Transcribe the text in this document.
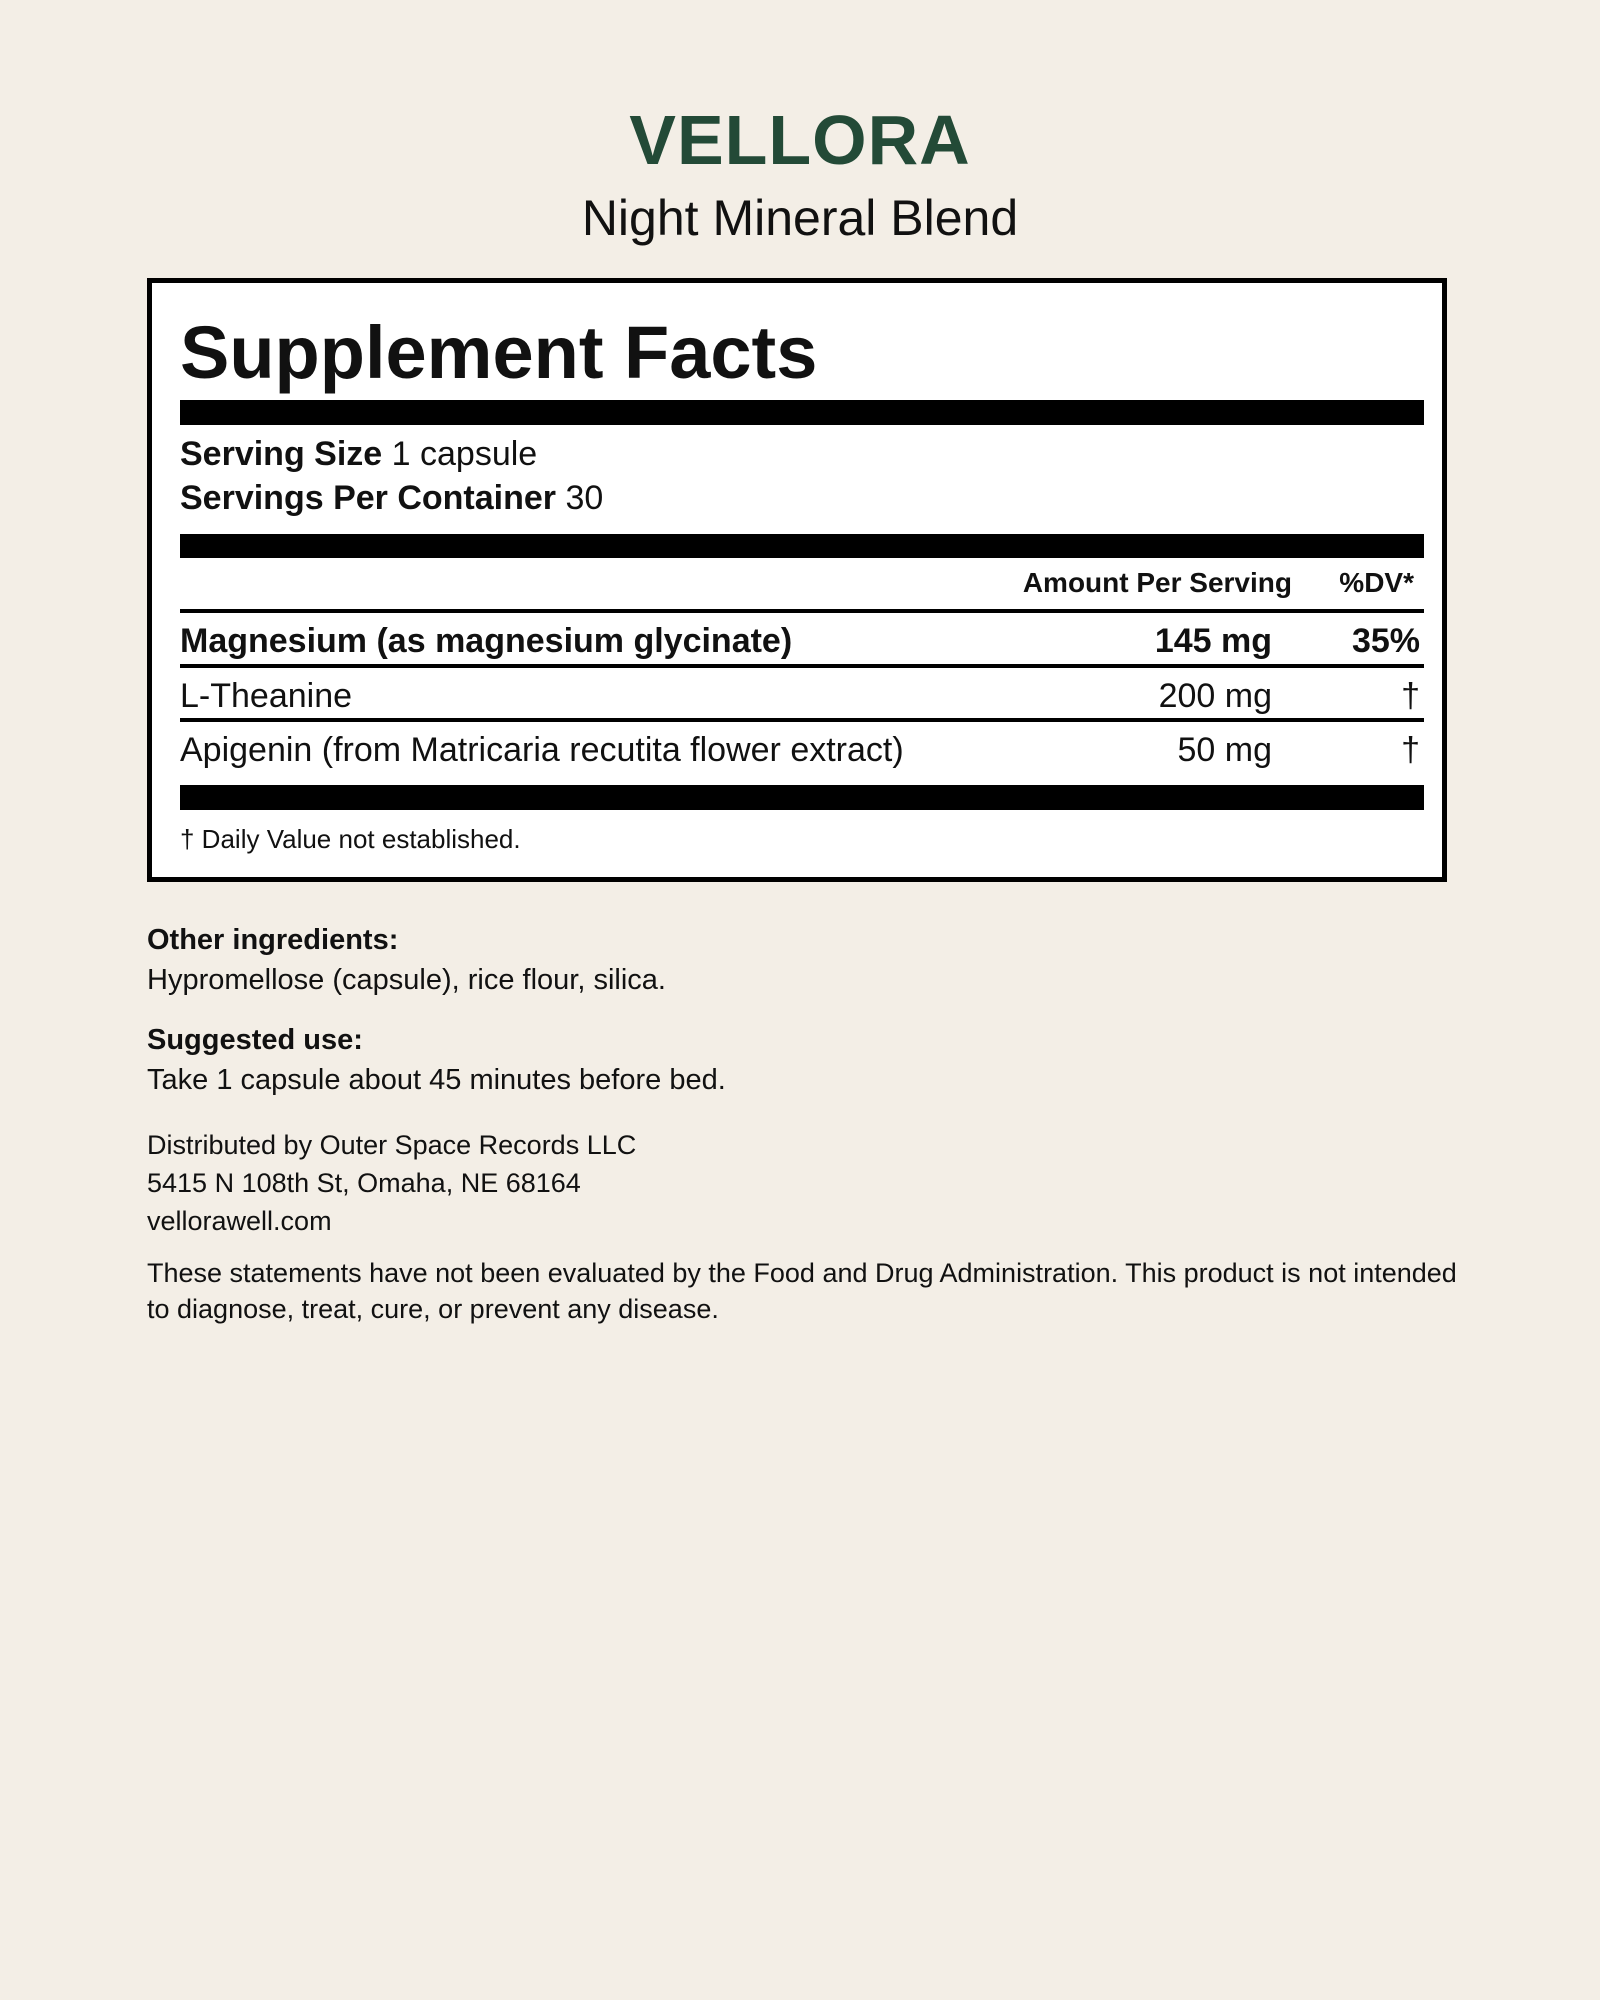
VELLORA
Night Mineral Blend
Supplement Facts
Serving Size 1 capsule
Servings Per Container 30
Amount Per Serving %DV*
Magnesium (as magnesium glycinate)	145 mg 35%
L-Theanine	200 mg	†
Apigenin (from Matricaria recutita flower extract)	50 mg	†
† Daily Value not established.
Other ingredients:
Hypromellose (capsule), rice flour, silica.
Suggested use:
Take 1 capsule about 45 minutes before bed.
Distributed by Outer Space Records LLC
5415 N 108th St, Omaha, NE 68164
vellorawell.com
These statements have not been evaluated by the Food and Drug Administration. This product is not intended to diagnose, treat, cure, or prevent any disease.
